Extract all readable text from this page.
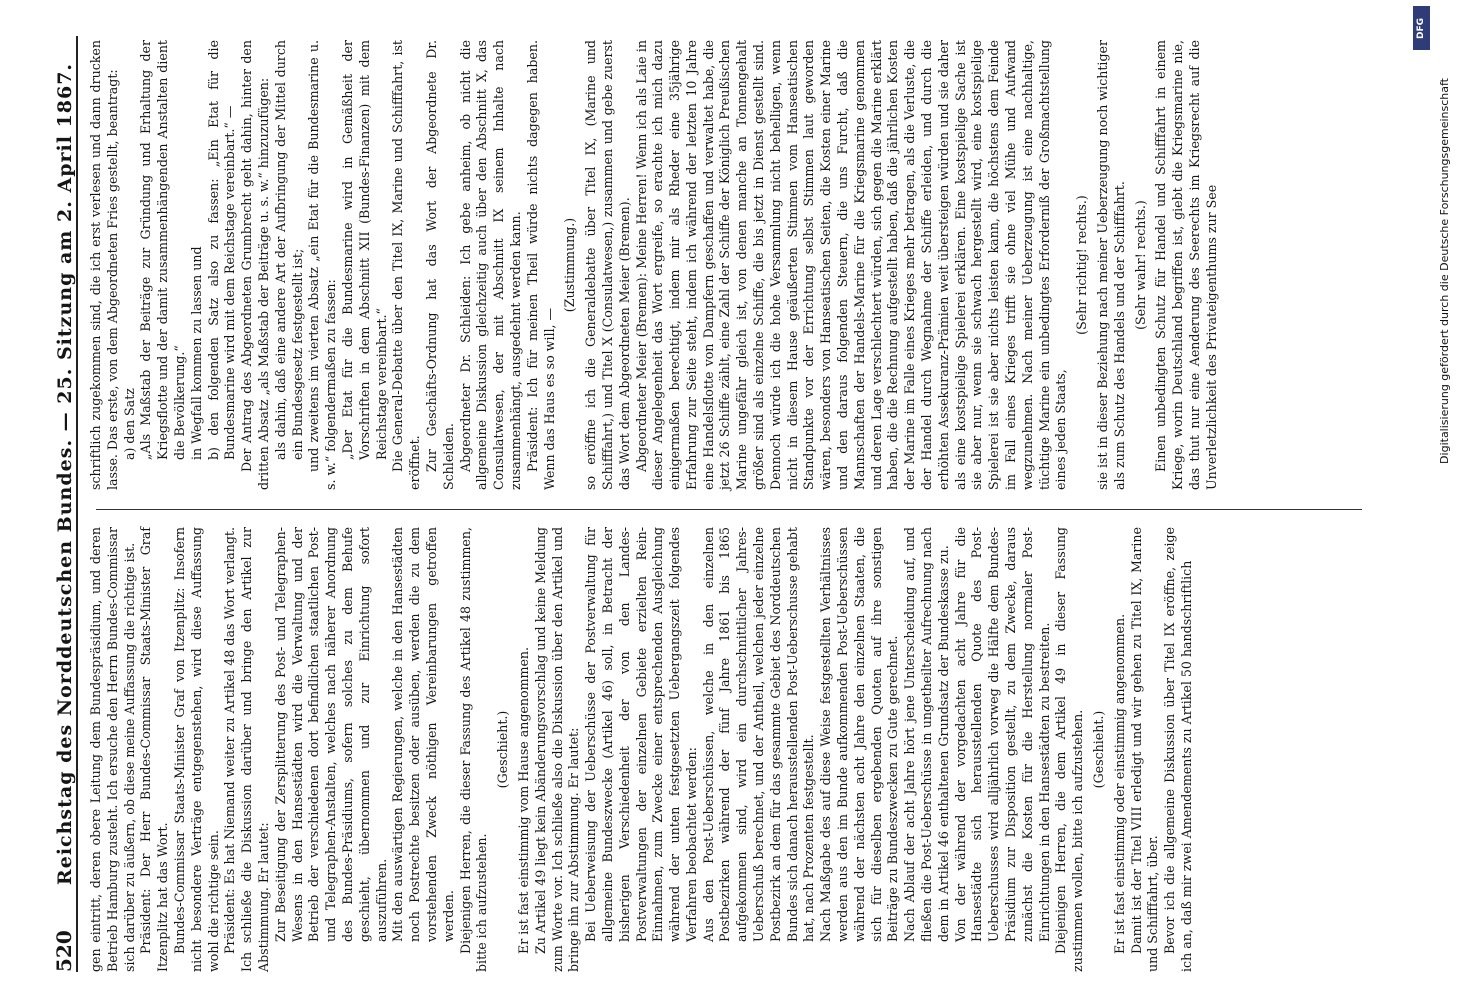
520
Reichstag des Norddeutschen Bundes. — 25. Sitzung am 2. April 1867. gen eintritt, deren obere Leitung dem Bundespräsidium, und deren Betrieb Hamburg zusteht. Ich ersuche den Herrn Bundes-Commissar sich darüber zu äußern, ob diese meine Auffassung die richtige ist. Präsident: Der Herr Bundes-Commissar Staats-Minister Graf Itzenplitz hat das Wort. Bundes-Commissar Staats-Minister Graf von Itzenplitz: Insofern nicht besondere Verträge entgegenstehen, wird diese Auffassung wohl die richtige sein. Präsident: Es hat Niemand weiter zu Artikel 48 das Wort verlangt. Ich schließe die Diskussion darüber und bringe den Artikel zur Abstimmung. Er lautet: Zur Beseitigung der Zersplitterung des Post- und Telegraphen-Wesens in den Hansestädten wird die Verwaltung und der Betrieb der verschiedenen dort befindlichen staatlichen Post- und Telegraphen-Anstalten, welches nach näherer Anordnung des Bundes-Präsidiums, sofern solches zu dem Behufe geschieht, übernommen und zur Einrichtung sofort auszuführen. Mit den auswärtigen Regierungen, welche in den Hansestädten noch Postrechte besitzen oder ausüben, werden die zu dem vorstehenden Zweck nöthigen Vereinbarungen getroffen werden. Diejenigen Herren, die dieser Fassung des Artikel 48 zustimmen, bitte ich aufzustehen.

(Geschieht.) Er ist fast einstimmig vom Hause angenommen. Zu Artikel 49 liegt kein Abänderungsvorschlag und keine Meldung zum Worte vor. Ich schließe also die Diskussion über den Artikel und bringe ihn zur Abstimmung. Er lautet: Bei Ueberweisung der Ueberschüsse der Postverwaltung für allgemeine Bundeszwecke (Artikel 46) soll, in Betracht der bisherigen Verschiedenheit der von den Landes-Postverwaltungen der einzelnen Gebiete erzielten Rein-Einnahmen, zum Zwecke einer entsprechenden Ausgleichung während der unten festgesetzten Uebergangszeit folgendes Verfahren beobachtet werden: Aus den Post-Ueberschüssen, welche in den einzelnen Postbezirken während der fünf Jahre 1861 bis 1865 aufgekommen sind, wird ein durchschnittlicher Jahres-Ueberschuß berechnet, und der Antheil, welchen jeder einzelne Postbezirk an dem für das gesammte Gebiet des Norddeutschen Bundes sich danach herausstellenden Post-Ueberschusse gehabt hat, nach Prozenten festgestellt. Nach Maßgabe des auf diese Weise festgestellten Verhältnisses werden aus den im Bunde aufkommenden Post-Ueberschüssen während der nächsten acht Jahre den einzelnen Staaten, die sich für dieselben ergebenden Quoten auf ihre sonstigen Beiträge zu Bundeszwecken zu Gute gerechnet. Nach Ablauf der acht Jahre hört jene Unterscheidung auf, und fließen die Post-Ueberschüsse in ungetheilter Aufrechnung nach dem in Artikel 46 enthaltenen Grundsatz der Bundeskasse zu. Von der während der vorgedachten acht Jahre für die Hansestädte sich herausstellenden Quote des Post-Ueberschusses wird alljährlich vorweg die Hälfte dem Bundes-Präsidium zur Disposition gestellt, zu dem Zwecke, daraus zunächst die Kosten für die Herstellung normaler Post-Einrichtungen in den Hansestädten zu bestreiten. Diejenigen Herren, die dem Artikel 49 in dieser Fassung zustimmen wollen, bitte ich aufzustehen. (Geschieht.) Er ist fast einstimmig oder einstimmig angenommen. Damit ist der Titel VIII erledigt und wir gehen zu Titel IX, Marine und Schifffahrt, über. Bevor ich die allgemeine Diskussion über Titel IX eröffne, zeige ich an, daß mir zwei Amendements zu Artikel 50 handschriftlich

schriftlich zugekommen sind, die ich erst verlesen und dann drucken lasse. Das erste, von dem Abgeordneten Fries gestellt, beantragt: a) den Satz „Als Maßstab der Beiträge zur Gründung und Erhaltung der Kriegsflotte und der damit zusammenhängenden Anstalten dient die Bevölkerung.“ in Wegfall kommen zu lassen und b) den folgenden Satz also zu fassen: „Ein Etat für die Bundesmarine wird mit dem Reichstage vereinbart.“ — Der Antrag des Abgeordneten Grumbrecht geht dahin, hinter den dritten Absatz „als Maßstab der Beiträge u. s. w.“ hinzuzufügen: als dahin, daß eine andere Art der Aufbringung der Mittel durch ein Bundesgesetz festgestellt ist; und zweitens im vierten Absatz „ein Etat für die Bundesmarine u. s. w.“ folgendermaßen zu fassen: „Der Etat für die Bundesmarine wird in Gemäßheit der Vorschriften in dem Abschnitt XII (Bundes-Finanzen) mit dem Reichstage vereinbart.“ Die General-Debatte über den Titel IX, Marine und Schifffahrt, ist eröffnet. Zur Geschäfts-Ordnung hat das Wort der Abgeordnete Dr. Schleiden. Abgeordneter Dr. Schleiden: Ich gebe anheim, ob nicht die allgemeine Diskussion gleichzeitig auch über den Abschnitt X, das Consulatwesen, der mit Abschnitt IX seinem Inhalte nach zusammenhängt, ausgedehnt werden kann. Präsident: Ich für meinen Theil würde nichts dagegen haben. Wenn das Haus es so will, —

(Zustimmung.) so eröffne ich die Generaldebatte über Titel IX, (Marine und Schifffahrt,) und Titel X (Consulatwesen,) zusammen und gebe zuerst das Wort dem Abgeordneten Meier (Bremen). Abgeordneter Meier (Bremen): Meine Herren! Wenn ich als Laie in dieser Angelegenheit das Wort ergreife, so erachte ich mich dazu einigermaßen berechtigt, indem mir als Rheder eine 35jährige Erfahrung zur Seite steht, indem ich während der letzten 10 Jahre eine Handelsflotte von Dampfern geschaffen und verwaltet habe, die jetzt 26 Schiffe zählt, eine Zahl der Schiffe der Königlich Preußischen Marine ungefähr gleich ist, von denen manche an Tonnengehalt größer sind als einzelne Schiffe, die bis jetzt in Dienst gestellt sind. Dennoch würde ich die hohe Versammlung nicht behelligen, wenn nicht in diesem Hause geäußerten Stimmen vom Hanseatischen Standpunkte vor der Errichtung selbst Stimmen laut geworden wären, besonders von Hanseatischen Seiten, die Kosten einer Marine und den daraus folgenden Steuern, die uns Furcht, daß die Mannschaften der Handels-Marine für die Kriegsmarine genommen und deren Lage verschlechtert würden, sich gegen die Marine erklärt haben, die die Rechnung aufgestellt haben, daß die jährlichen Kosten der Marine im Falle eines Krieges mehr betragen, als die Verluste, die der Handel durch Wegnahme der Schiffe erleiden, und durch die erhöhten Assekuranz-Prämien weit übersteigen würden und sie daher als eine kostspielige Spielerei erklären. Eine kostspielige Sache ist sie aber nur, wenn sie schwach hergestellt wird, eine kostspielige Spielerei ist sie aber nichts leisten kann, die höchstens dem Feinde im Fall eines Krieges trifft sie ohne viel Mühe und Aufwand wegzunehmen. Nach meiner Ueberzeugung ist eine nachhaltige, tüchtige Marine ein unbedingtes Erforderniß der Großmachtstellung eines jeden Staats,

(Sehr richtig! rechts.) sie ist in dieser Beziehung nach meiner Ueberzeugung noch wichtiger als zum Schutz des Handels und der Schifffahrt. (Sehr wahr! rechts.) Einen unbedingten Schutz für Handel und Schifffahrt in einem Kriege, worin Deutschland begriffen ist, giebt die Kriegsmarine nie, das thut nur eine Aenderung des Seerechts im Kriegsrecht auf die Unverletzlichkeit des Privateigenthums zur See

DFG
Digitalisierung gefördert durch die Deutsche Forschungsgemeinschaft
